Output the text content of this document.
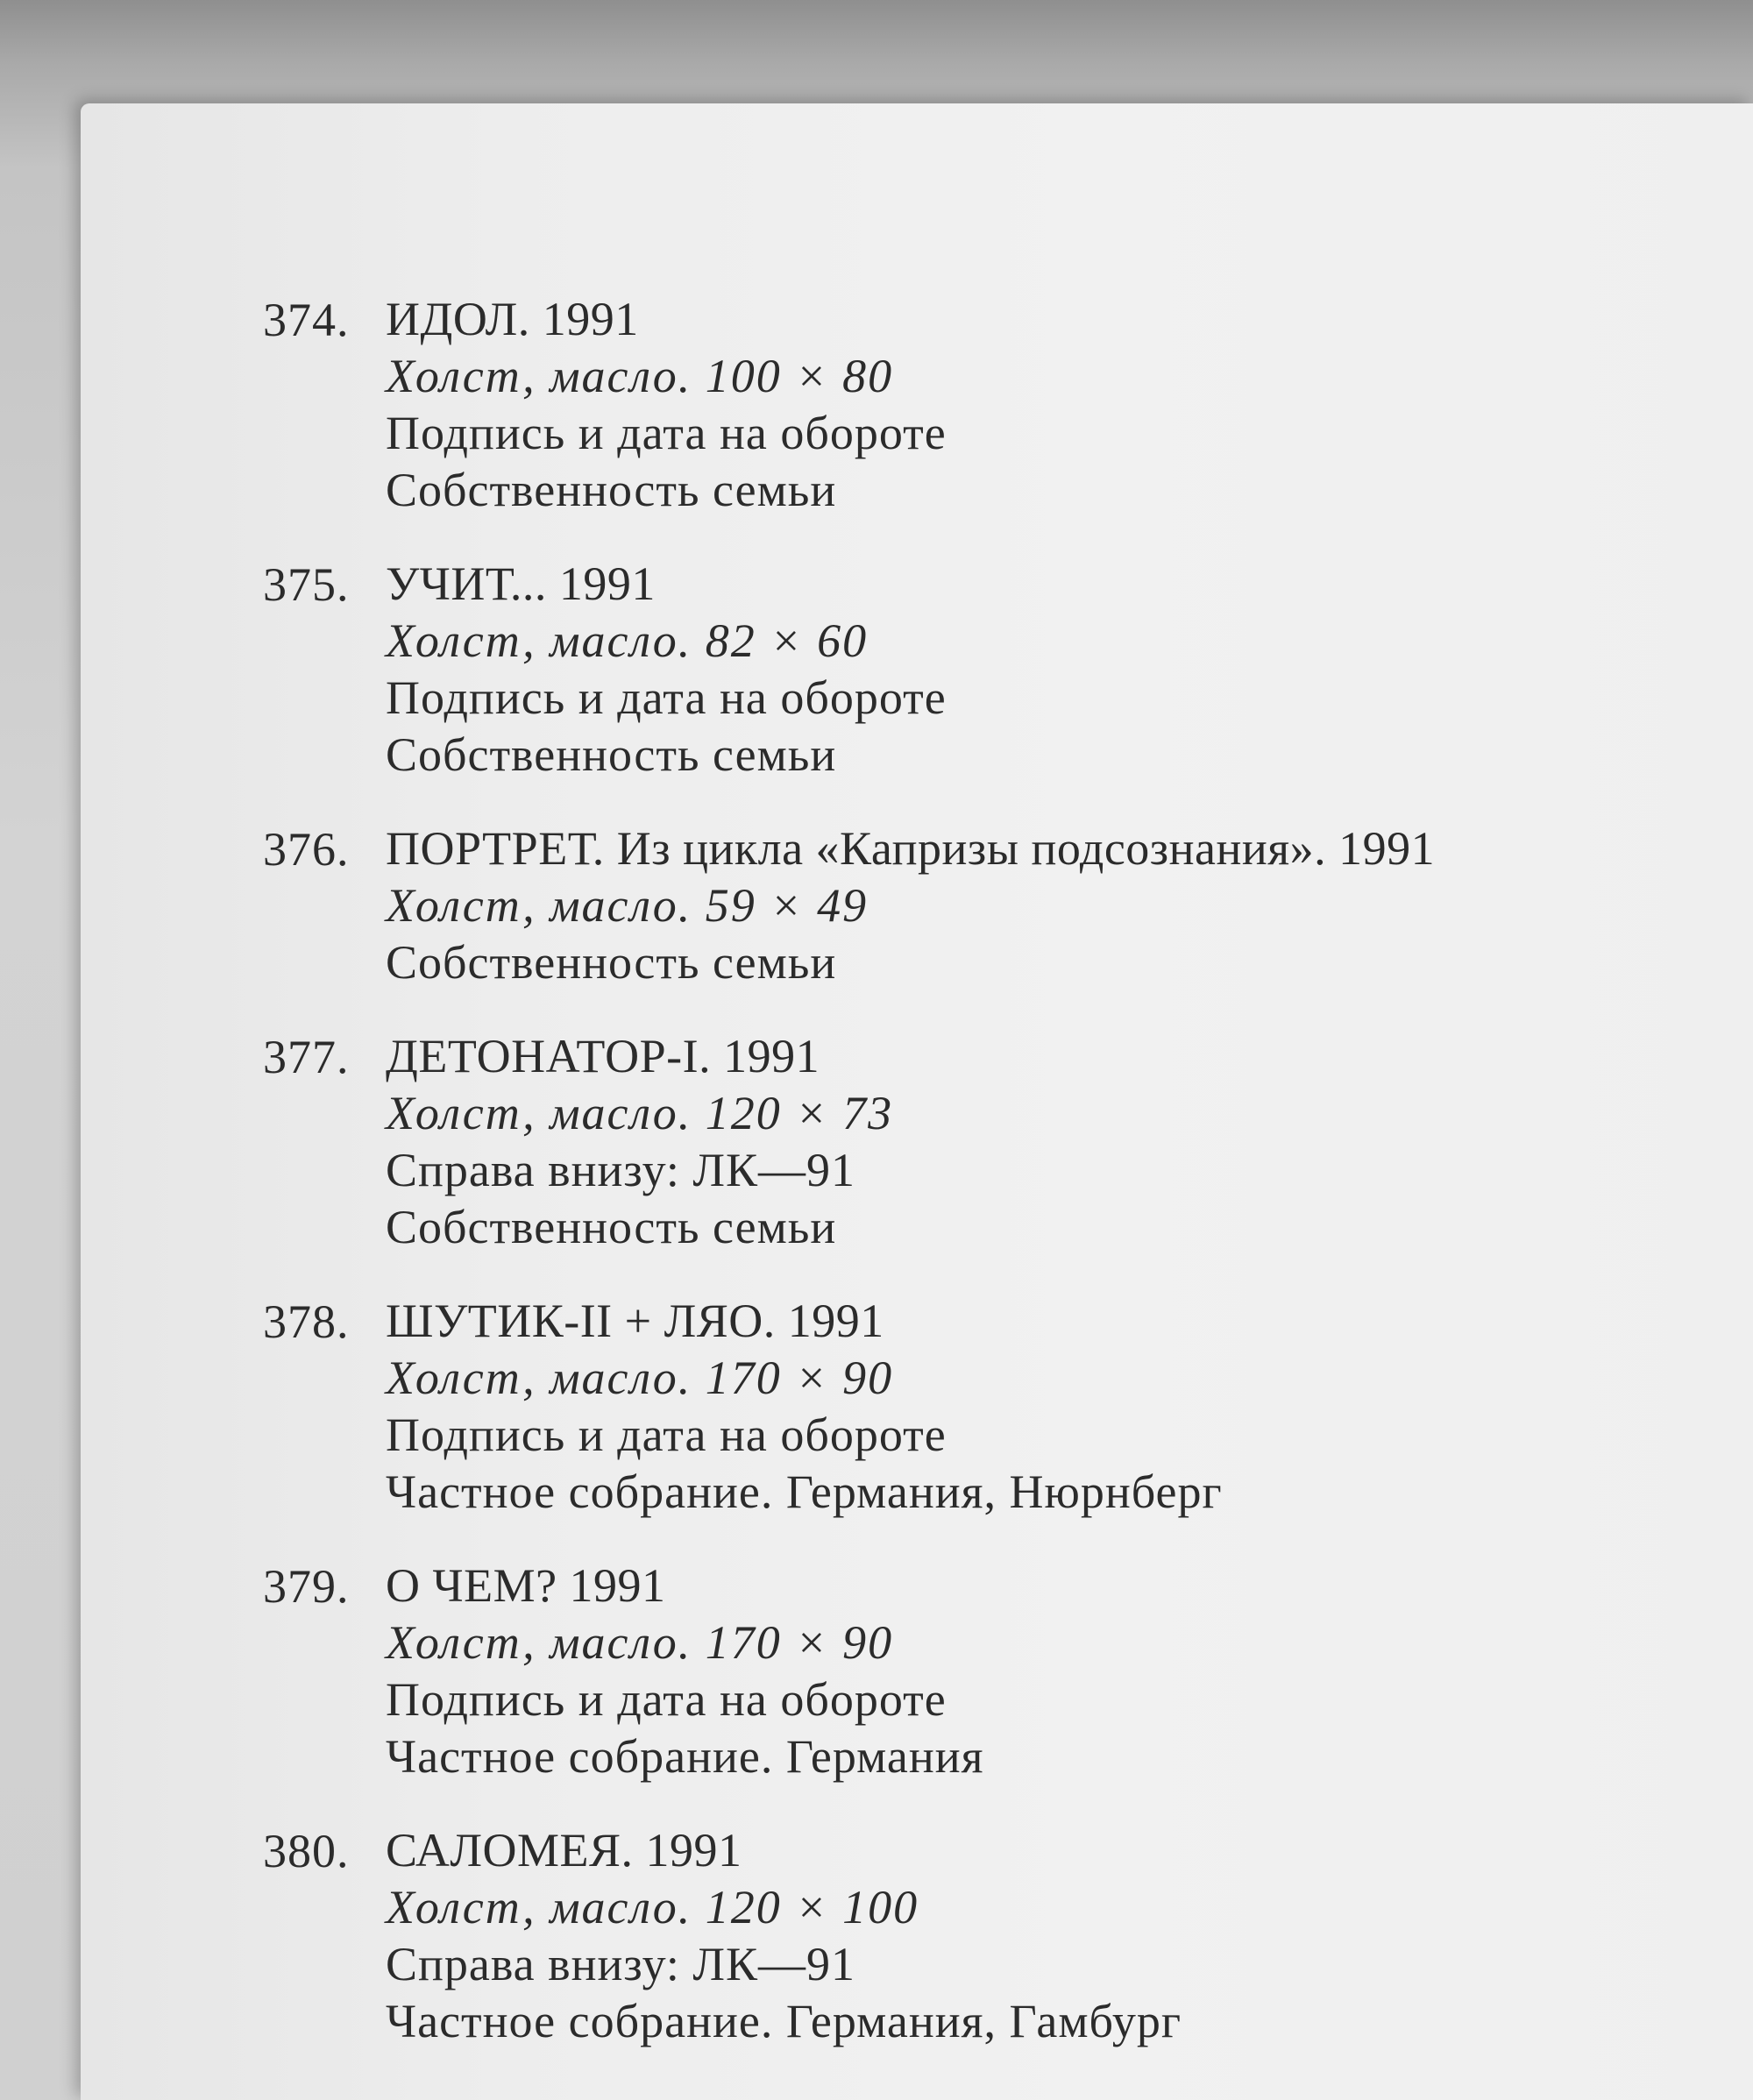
374. ИДОЛ. 1991
Холст, масло. 100 × 80
Подпись и дата на обороте
Собственность семьи
375. УЧИТ... 1991
Холст, масло. 82 × 60
Подпись и дата на обороте
Собственность семьи
376. ПОРТРЕТ. Из цикла «Капризы подсознания». 1991
Холст, масло. 59 × 49
Собственность семьи
377. ДЕТОНАТОР-I. 1991
Холст, масло. 120 × 73
Справа внизу: ЛК—91
Собственность семьи
378. ШУТИК-II + ЛЯО. 1991
Холст, масло. 170 × 90
Подпись и дата на обороте
Частное собрание. Германия, Нюрнберг
379. О ЧЕМ? 1991
Холст, масло. 170 × 90
Подпись и дата на обороте
Частное собрание. Германия
380. САЛОМЕЯ. 1991
Холст, масло. 120 × 100
Справа внизу: ЛК—91
Частное собрание. Германия, Гамбург
